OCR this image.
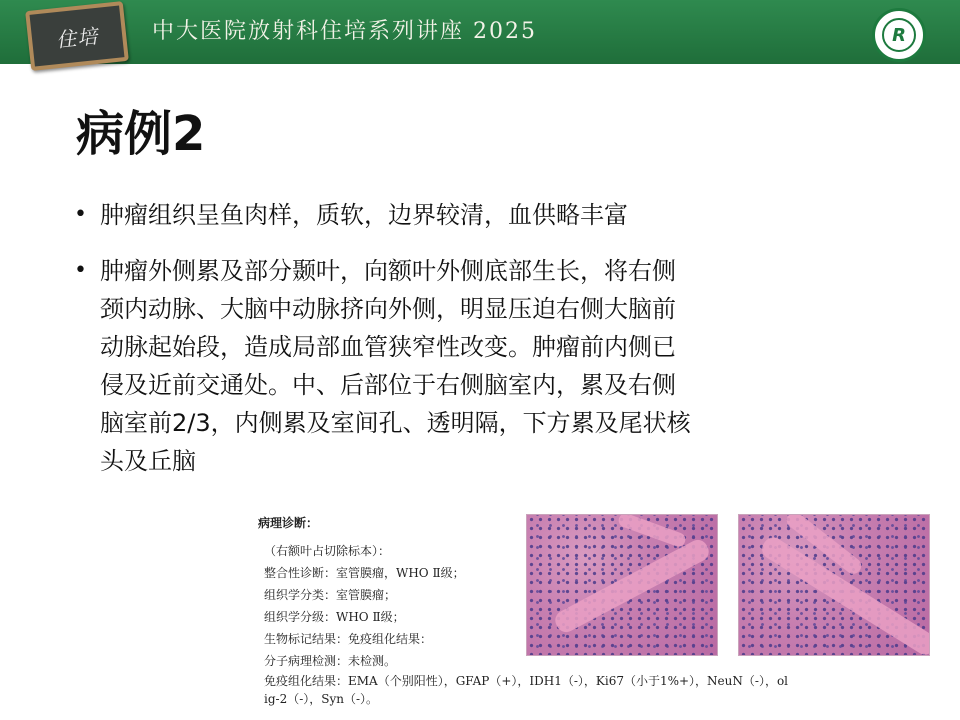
住培 中大医院放射科住培系列讲座 2025	R
病例2
• 肿瘤组织呈鱼肉样，质软，边界较清，血供略丰富
• 肿瘤外侧累及部分颞叶，向额叶外侧底部生长，将右侧
颈内动脉、大脑中动脉挤向外侧，明显压迫右侧大脑前
动脉起始段，造成局部血管狭窄性改变。肿瘤前内侧已
侵及近前交通处。中、后部位于右侧脑室内，累及右侧
脑室前2/3，内侧累及室间孔、透明隔，下方累及尾状核
头及丘脑
病理诊断：
（右额叶占切除标本）：
整合性诊断：室管膜瘤，WHO Ⅱ级；
组织学分类：室管膜瘤；
组织学分级：WHO Ⅱ级；
生物标记结果：免疫组化结果：
分子病理检测：未检测。
免疫组化结果：EMA（个别阳性），GFAP（+），IDH1（-），Ki67（小于1%+），NeuN（-），ol
ig-2（-），Syn（-）。
